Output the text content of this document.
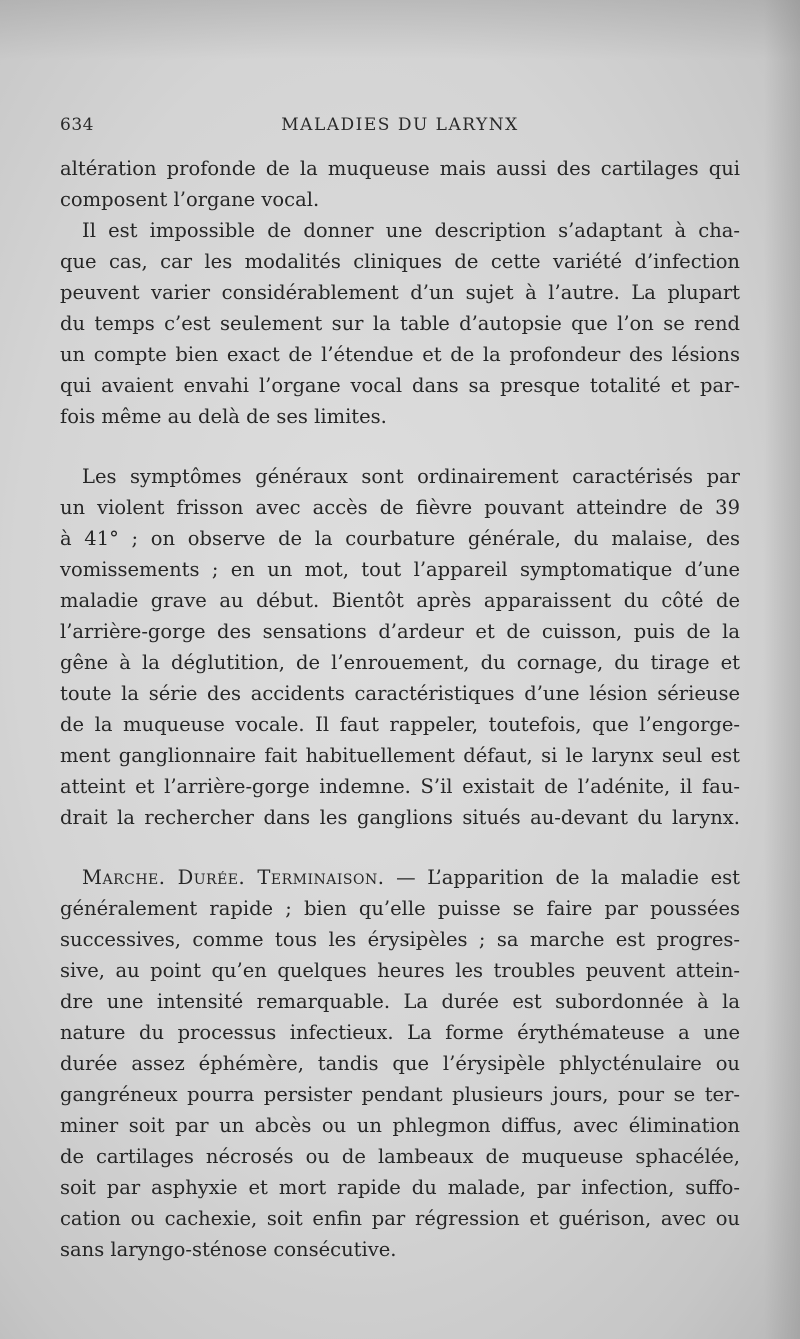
634	MALADIES DU LARYNX
altération profonde de la muqueuse mais aussi des cartilages qui
composent l’organe vocal.
Il est impossible de donner une description s’adaptant à cha-
que cas, car les modalités cliniques de cette variété d’infection
peuvent varier considérablement d’un sujet à l’autre. La plupart
du temps c’est seulement sur la table d’autopsie que l’on se rend
un compte bien exact de l’étendue et de la profondeur des lésions
qui avaient envahi l’organe vocal dans sa presque totalité et par-
fois même au delà de ses limites.
Les symptômes généraux sont ordinairement caractérisés par
un violent frisson avec accès de fièvre pouvant atteindre de 39
à 41° ; on observe de la courbature générale, du malaise, des
vomissements ; en un mot, tout l’appareil symptomatique d’une
maladie grave au début. Bientôt après apparaissent du côté de
l’arrière-gorge des sensations d’ardeur et de cuisson, puis de la
gêne à la déglutition, de l’enrouement, du cornage, du tirage et
toute la série des accidents caractéristiques d’une lésion sérieuse
de la muqueuse vocale. Il faut rappeler, toutefois, que l’engorge-
ment ganglionnaire fait habituellement défaut, si le larynx seul est
atteint et l’arrière-gorge indemne. S’il existait de l’adénite, il fau-
drait la rechercher dans les ganglions situés au-devant du larynx.
Marche. Durée. Terminaison. — L’apparition de la maladie est
généralement rapide ; bien qu’elle puisse se faire par poussées
successives, comme tous les érysipèles ; sa marche est progres-
sive, au point qu’en quelques heures les troubles peuvent attein-
dre une intensité remarquable. La durée est subordonnée à la
nature du processus infectieux. La forme érythémateuse a une
durée assez éphémère, tandis que l’érysipèle phlycténulaire ou
gangréneux pourra persister pendant plusieurs jours, pour se ter-
miner soit par un abcès ou un phlegmon diffus, avec élimination
de cartilages nécrosés ou de lambeaux de muqueuse sphacélée,
soit par asphyxie et mort rapide du malade, par infection, suffo-
cation ou cachexie, soit enfin par régression et guérison, avec ou
sans laryngo-sténose consécutive.
